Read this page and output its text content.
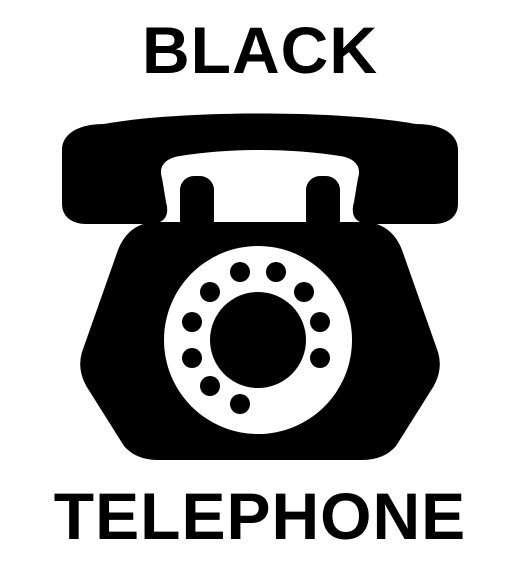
BLACK
TELEPHONE
